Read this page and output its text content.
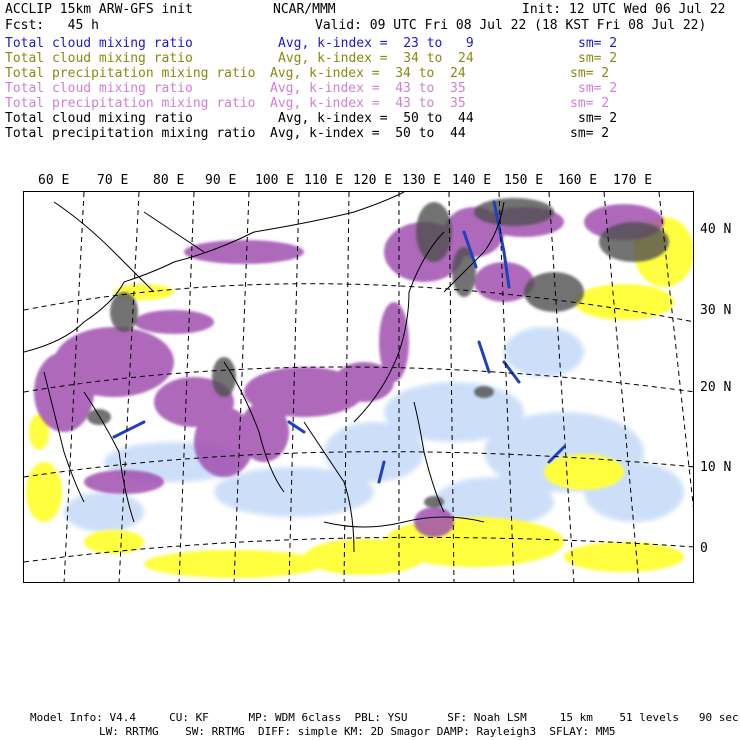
ACCLIP 15km ARW-GFS init	NCAR/MMM	Init: 12 UTC Wed 06 Jul 22
Fcst:   45 h	Valid: 09 UTC Fri 08 Jul 22 (18 KST Fri 08 Jul 22)
Total cloud mixing ratio	Avg, k-index =  23 to   9	sm= 2
Total cloud mixing ratio	Avg, k-index =  34 to  24	sm= 2
Total precipitation mixing ratio Avg, k-index =  34 to  24	sm= 2
Total cloud mixing ratio	Avg, k-index =  43 to  35	sm= 2
Total precipitation mixing ratio Avg, k-index =  43 to  35	sm= 2
Total cloud mixing ratio	Avg, k-index =  50 to  44	sm= 2
Total precipitation mixing ratio Avg, k-index =  50 to  44	sm= 2
60 E 70 E 80 E 90 E 100 E 110 E 120 E 130 E 140 E 150 E 160 E 170 E
40 N
30 N
20 N
10 N
0
Model Info: V4.4     CU: KF      MP: WDM 6class  PBL: YSU      SF: Noah LSM     15 km    51 levels   90 sec
LW: RRTMG    SW: RRTMG  DIFF: simple KM: 2D Smagor DAMP: Rayleigh3  SFLAY: MM5
